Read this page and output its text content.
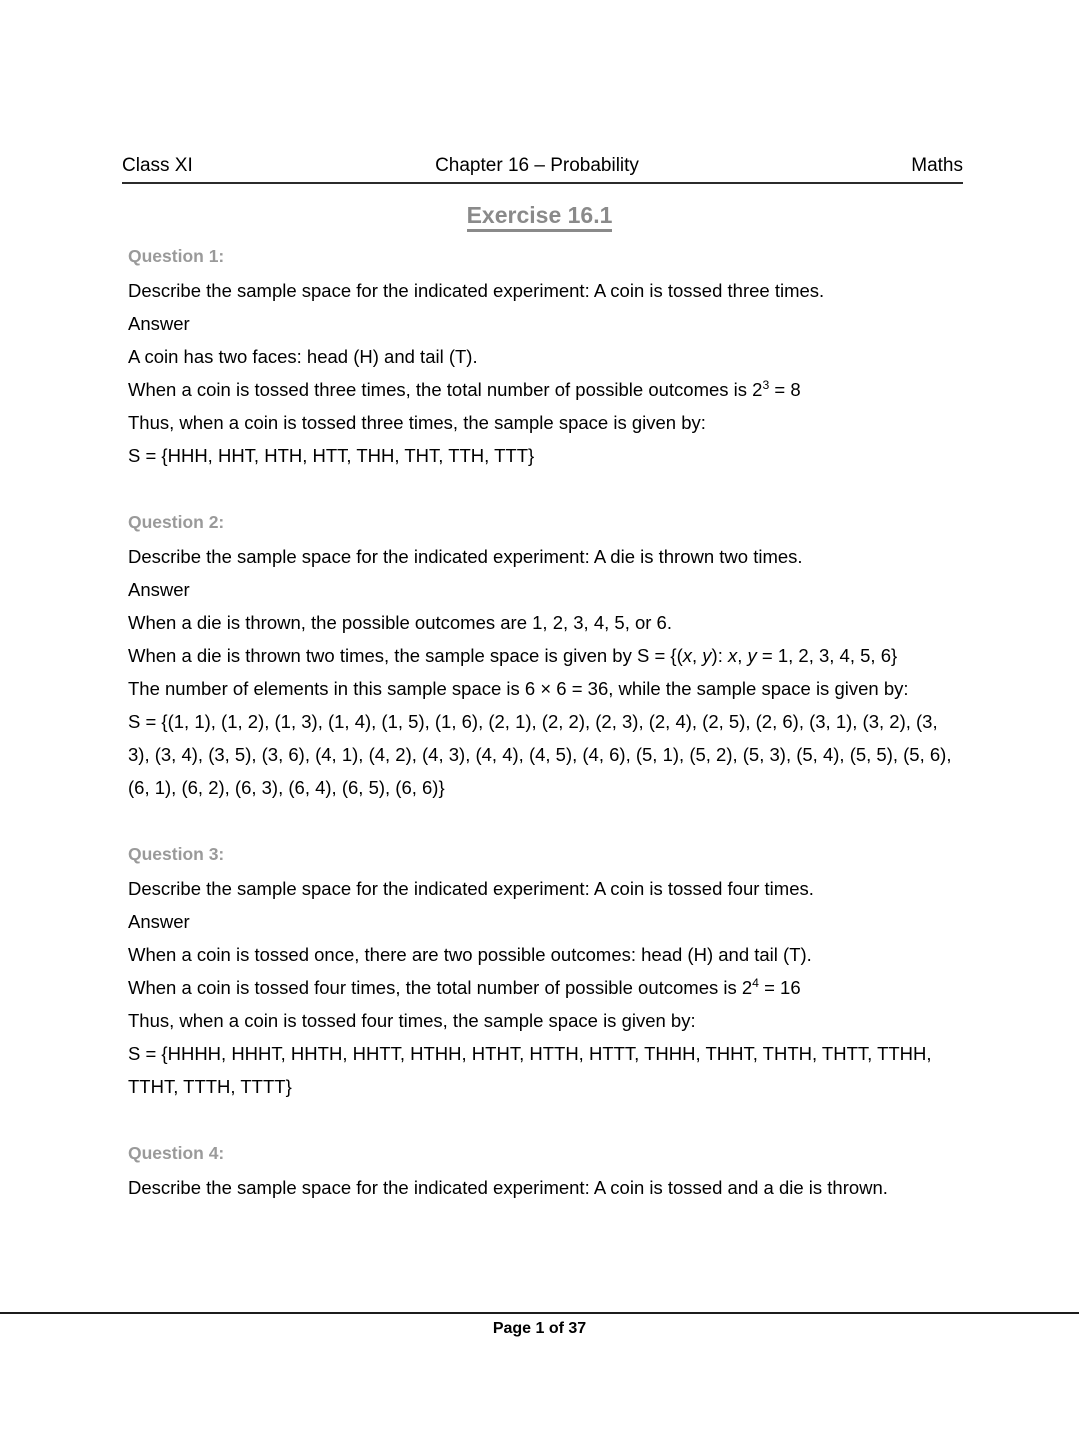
Class XI	Chapter 16 – Probability	Maths
Exercise 16.1

Question 1:

Describe the sample space for the indicated experiment: A coin is tossed three times.

Answer

A coin has two faces: head (H) and tail (T).

When a coin is tossed three times, the total number of possible outcomes is $2^3 = 8$

Thus, when a coin is tossed three times, the sample space is given by:

S = {HHH, HHT, HTH, HTT, THH, THT, TTH, TTT}

Question 2:

Describe the sample space for the indicated experiment: A die is thrown two times.

Answer

When a die is thrown, the possible outcomes are 1, 2, 3, 4, 5, or 6.

When a die is thrown two times, the sample space is given by S = {(x, y): x, y = 1, 2, 3, 4, 5, 6}

The number of elements in this sample space is 6 × 6 = 36, while the sample space is given by:

S = {(1, 1), (1, 2), (1, 3), (1, 4), (1, 5), (1, 6), (2, 1), (2, 2), (2, 3), (2, 4), (2, 5), (2, 6), (3, 1), (3, 2), (3, 3), (3, 4), (3, 5), (3, 6), (4, 1), (4, 2), (4, 3), (4, 4), (4, 5), (4, 6), (5, 1), (5, 2), (5, 3), (5, 4), (5, 5), (5, 6), (6, 1), (6, 2), (6, 3), (6, 4), (6, 5), (6, 6)}

Question 3:

Describe the sample space for the indicated experiment: A coin is tossed four times.

Answer

When a coin is tossed once, there are two possible outcomes: head (H) and tail (T).

When a coin is tossed four times, the total number of possible outcomes is $2^4 = 16$

Thus, when a coin is tossed four times, the sample space is given by:

S = {HHHH, HHHT, HHTH, HHTT, HTHH, HTHT, HTTH, HTTT, THHH, THHT, THTH, THTT, TTHH, TTHT, TTTH, TTTT}

Question 4:

Describe the sample space for the indicated experiment: A coin is tossed and a die is thrown.

Page 1 of 37
